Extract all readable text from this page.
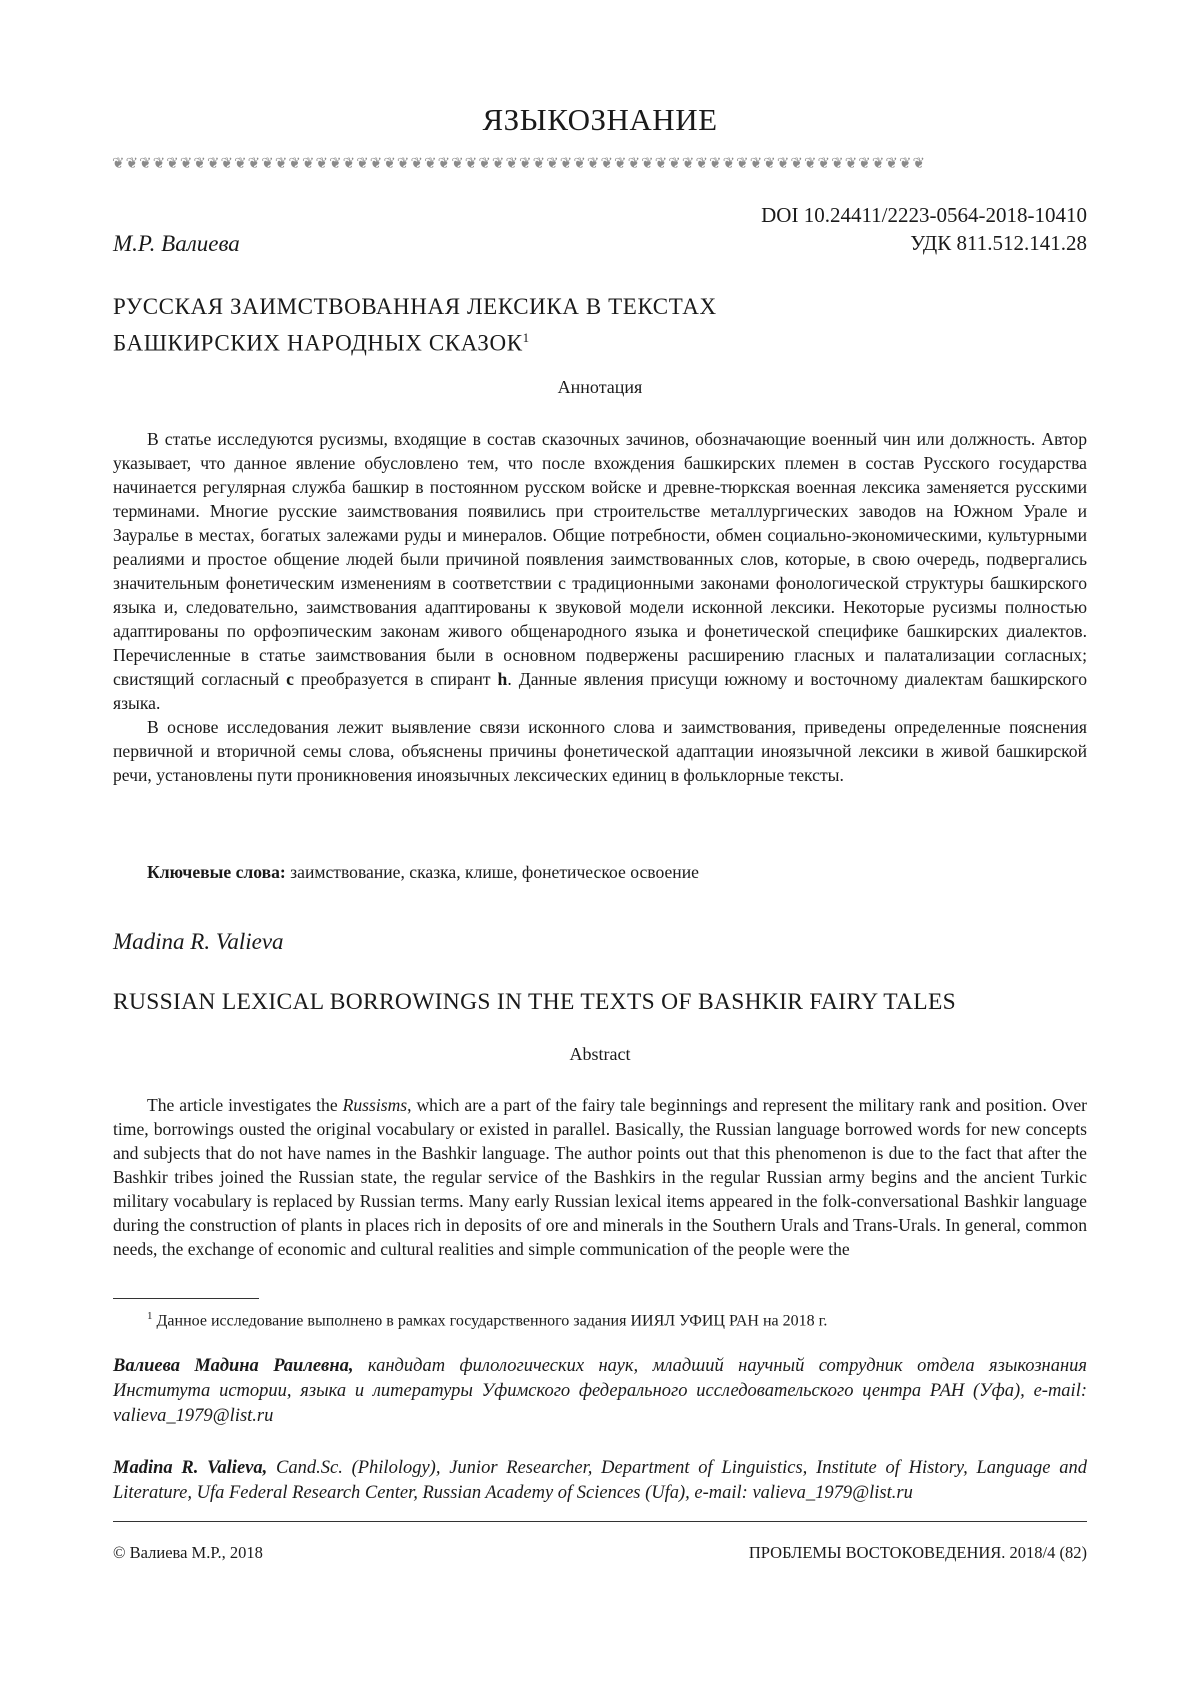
ЯЗЫКОЗНАНИЕ
❦❦❦❦❦❦❦❦❦❦❦❦❦❦❦❦❦❦❦❦❦❦❦❦❦❦❦❦❦❦❦❦❦❦❦❦❦❦❦❦❦❦❦❦❦❦❦❦❦❦❦❦❦❦❦❦❦❦❦❦
DOI 10.24411/2223-0564-2018-10410
М.Р. Валиева	УДК 811.512.141.28
РУССКАЯ ЗАИМСТВОВАННАЯ ЛЕКСИКА В ТЕКСТАХ
БАШКИРСКИХ НАРОДНЫХ СКАЗОК$^1$
Аннотация

В статье исследуются русизмы, входящие в состав сказочных зачинов, обозначающие военный чин или должность. Автор указывает, что данное явление обусловлено тем, что после вхождения башкирских племен в состав Русского государства начинается регулярная служба башкир в постоянном русском войске и древне-тюркская военная лексика заменяется русскими терминами. Многие русские заимствования появились при строительстве металлургических заводов на Южном Урале и Зауралье в местах, богатых залежами руды и минералов. Общие потребности, обмен социально-экономическими, культурными реалиями и простое общение людей были причиной появления заимствованных слов, которые, в свою очередь, подвергались значительным фонетическим изменениям в соответствии с традиционными законами фонологической структуры башкирского языка и, следовательно, заимствования адаптированы к звуковой модели исконной лексики. Некоторые русизмы полностью адаптированы по орфоэпическим законам живого общенародного языка и фонетической специфике башкирских диалектов. Перечисленные в статье заимствования были в основном подвержены расширению гласных и палатализации согласных; свистящий согласный с преобразуется в спирант h. Данные явления присущи южному и восточному диалектам башкирского языка.

В основе исследования лежит выявление связи исконного слова и заимствования, приведены определенные пояснения первичной и вторичной семы слова, объяснены причины фонетической адаптации иноязычной лексики в живой башкирской речи, установлены пути проникновения иноязычных лексических единиц в фольклорные тексты.

Ключевые слова: заимствование, сказка, клише, фонетическое освоение
Madina R. Valieva
RUSSIAN LEXICAL BORROWINGS IN THE TEXTS OF BASHKIR FAIRY TALES
Abstract

The article investigates the Russisms, which are a part of the fairy tale beginnings and represent the military rank and position. Over time, borrowings ousted the original vocabulary or existed in parallel. Basically, the Russian language borrowed words for new concepts and subjects that do not have names in the Bashkir language. The author points out that this phenomenon is due to the fact that after the Bashkir tribes joined the Russian state, the regular service of the Bashkirs in the regular Russian army begins and the ancient Turkic military vocabulary is replaced by Russian terms. Many early Russian lexical items appeared in the folk-conversational Bashkir language during the construction of plants in places rich in deposits of ore and minerals in the Southern Urals and Trans-Urals. In general, common needs, the exchange of economic and cultural realities and simple communication of the people were the

$^1$ Данное исследование выполнено в рамках государственного задания ИИЯЛ УФИЦ РАН на 2018 г.
Валиева Мадина Раилевна, кандидат филологических наук, младший научный сотрудник отдела языкознания Института истории, языка и литературы Уфимского федерального исследовательского центра РАН (Уфа), e-mail: valieva_1979@list.ru
Madina R. Valieva, Cand.Sc. (Philology), Junior Researcher, Department of Linguistics, Institute of History, Language and Literature, Ufa Federal Research Center, Russian Academy of Sciences (Ufa), e-mail: valieva_1979@list.ru
© Валиева М.Р., 2018	ПРОБЛЕМЫ ВОСТОКОВЕДЕНИЯ. 2018/4 (82)
